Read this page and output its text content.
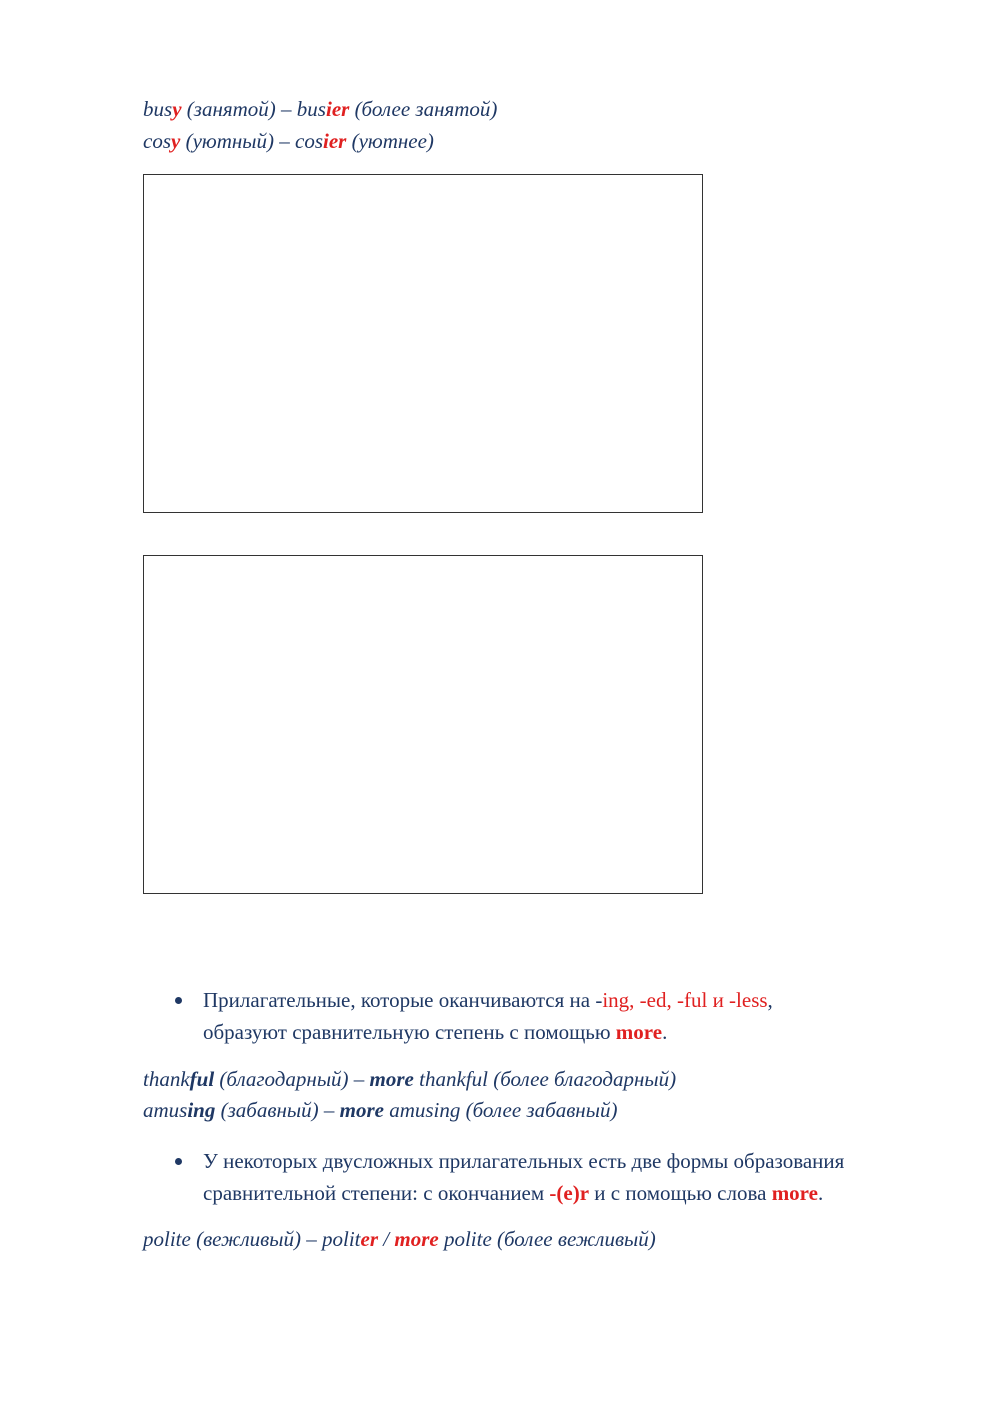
busy (занятой) – busier (более занятой)
cosy (уютный) – cosier (уютнее)
Прилагательные, которые оканчиваются на -ing, -ed, -ful и -less,
образуют сравнительную степень с помощью more.
thankful (благодарный) – more thankful (более благодарный)
amusing (забавный) – more amusing (более забавный)
У некоторых двусложных прилагательных есть две формы образования
сравнительной степени: с окончанием -(e)r и с помощью слова more.
polite (вежливый) – politer / more polite (более вежливый)
